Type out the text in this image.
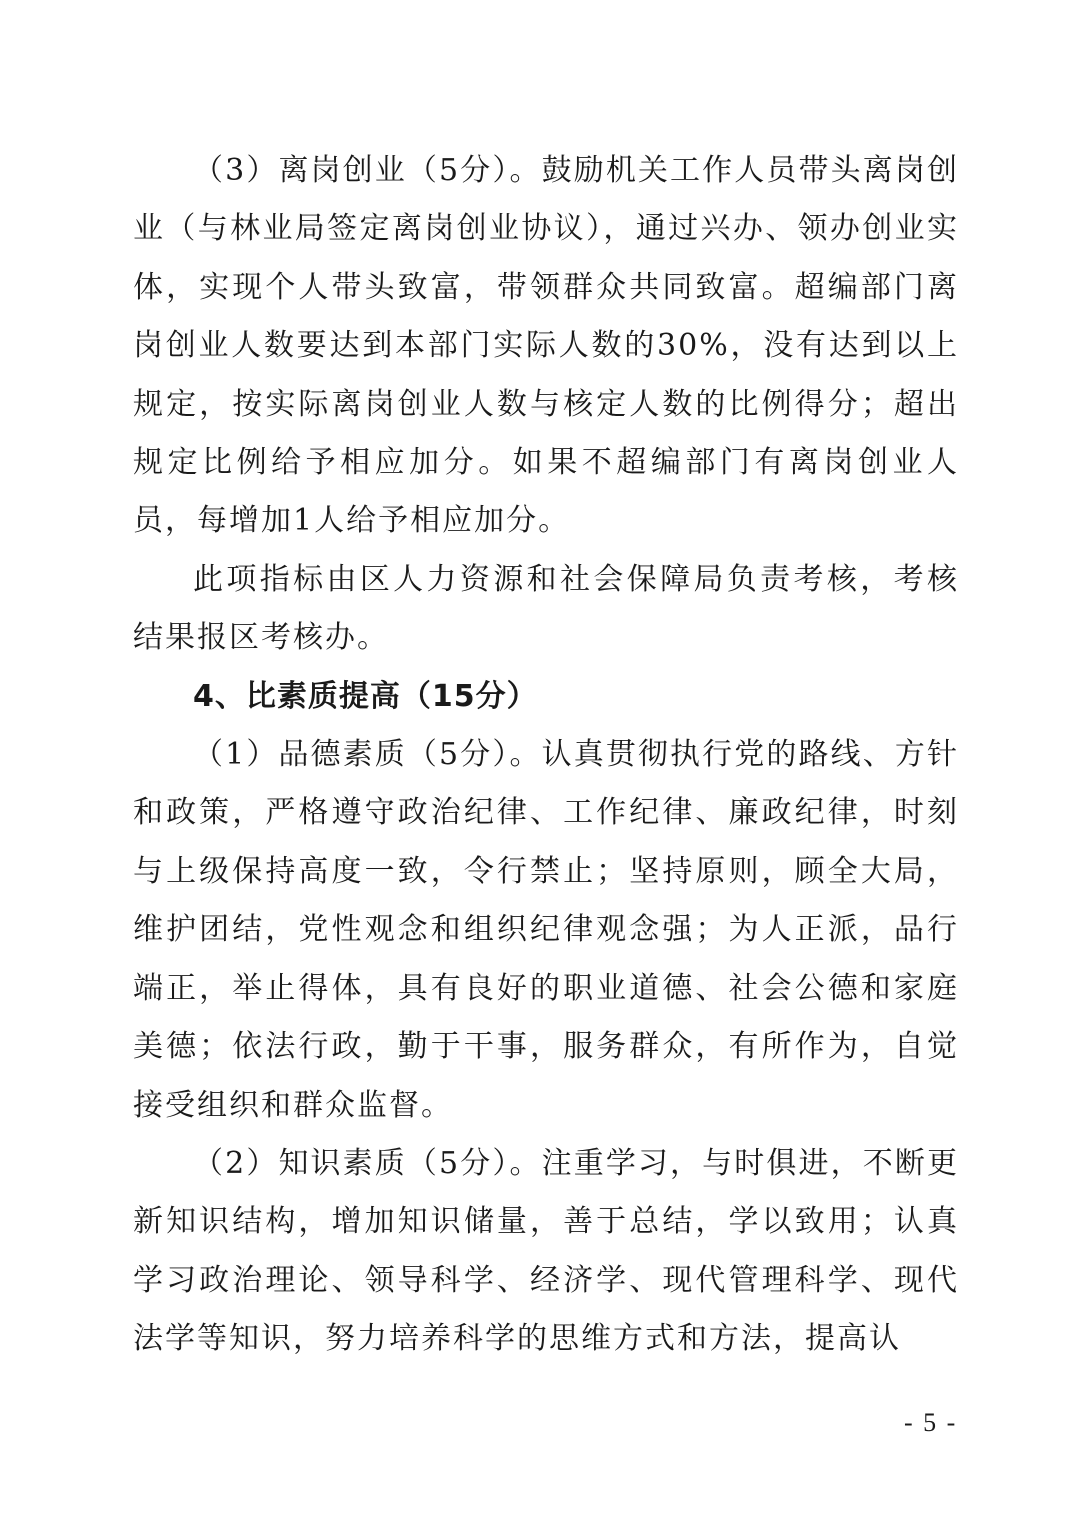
（3）离岗创业（5分）。鼓励机关工作人员带头离岗创业（与林业局签定离岗创业协议），通过兴办、领办创业实体，实现个人带头致富，带领群众共同致富。超编部门离岗创业人数要达到本部门实际人数的30%，没有达到以上规定，按实际离岗创业人数与核定人数的比例得分；超出规定比例给予相应加分。如果不超编部门有离岗创业人员，每增加1人给予相应加分。

此项指标由区人力资源和社会保障局负责考核，考核结果报区考核办。

4、比素质提高（15分）

（1）品德素质（5分）。认真贯彻执行党的路线、方针和政策，严格遵守政治纪律、工作纪律、廉政纪律，时刻与上级保持高度一致，令行禁止；坚持原则，顾全大局，维护团结，党性观念和组织纪律观念强；为人正派，品行端正，举止得体，具有良好的职业道德、社会公德和家庭美德；依法行政，勤于干事，服务群众，有所作为，自觉接受组织和群众监督。

（2）知识素质（5分）。注重学习，与时俱进，不断更新知识结构，增加知识储量，善于总结，学以致用；认真学习政治理论、领导科学、经济学、现代管理科学、现代法学等知识，努力培养科学的思维方式和方法，提高认

- 5 -
